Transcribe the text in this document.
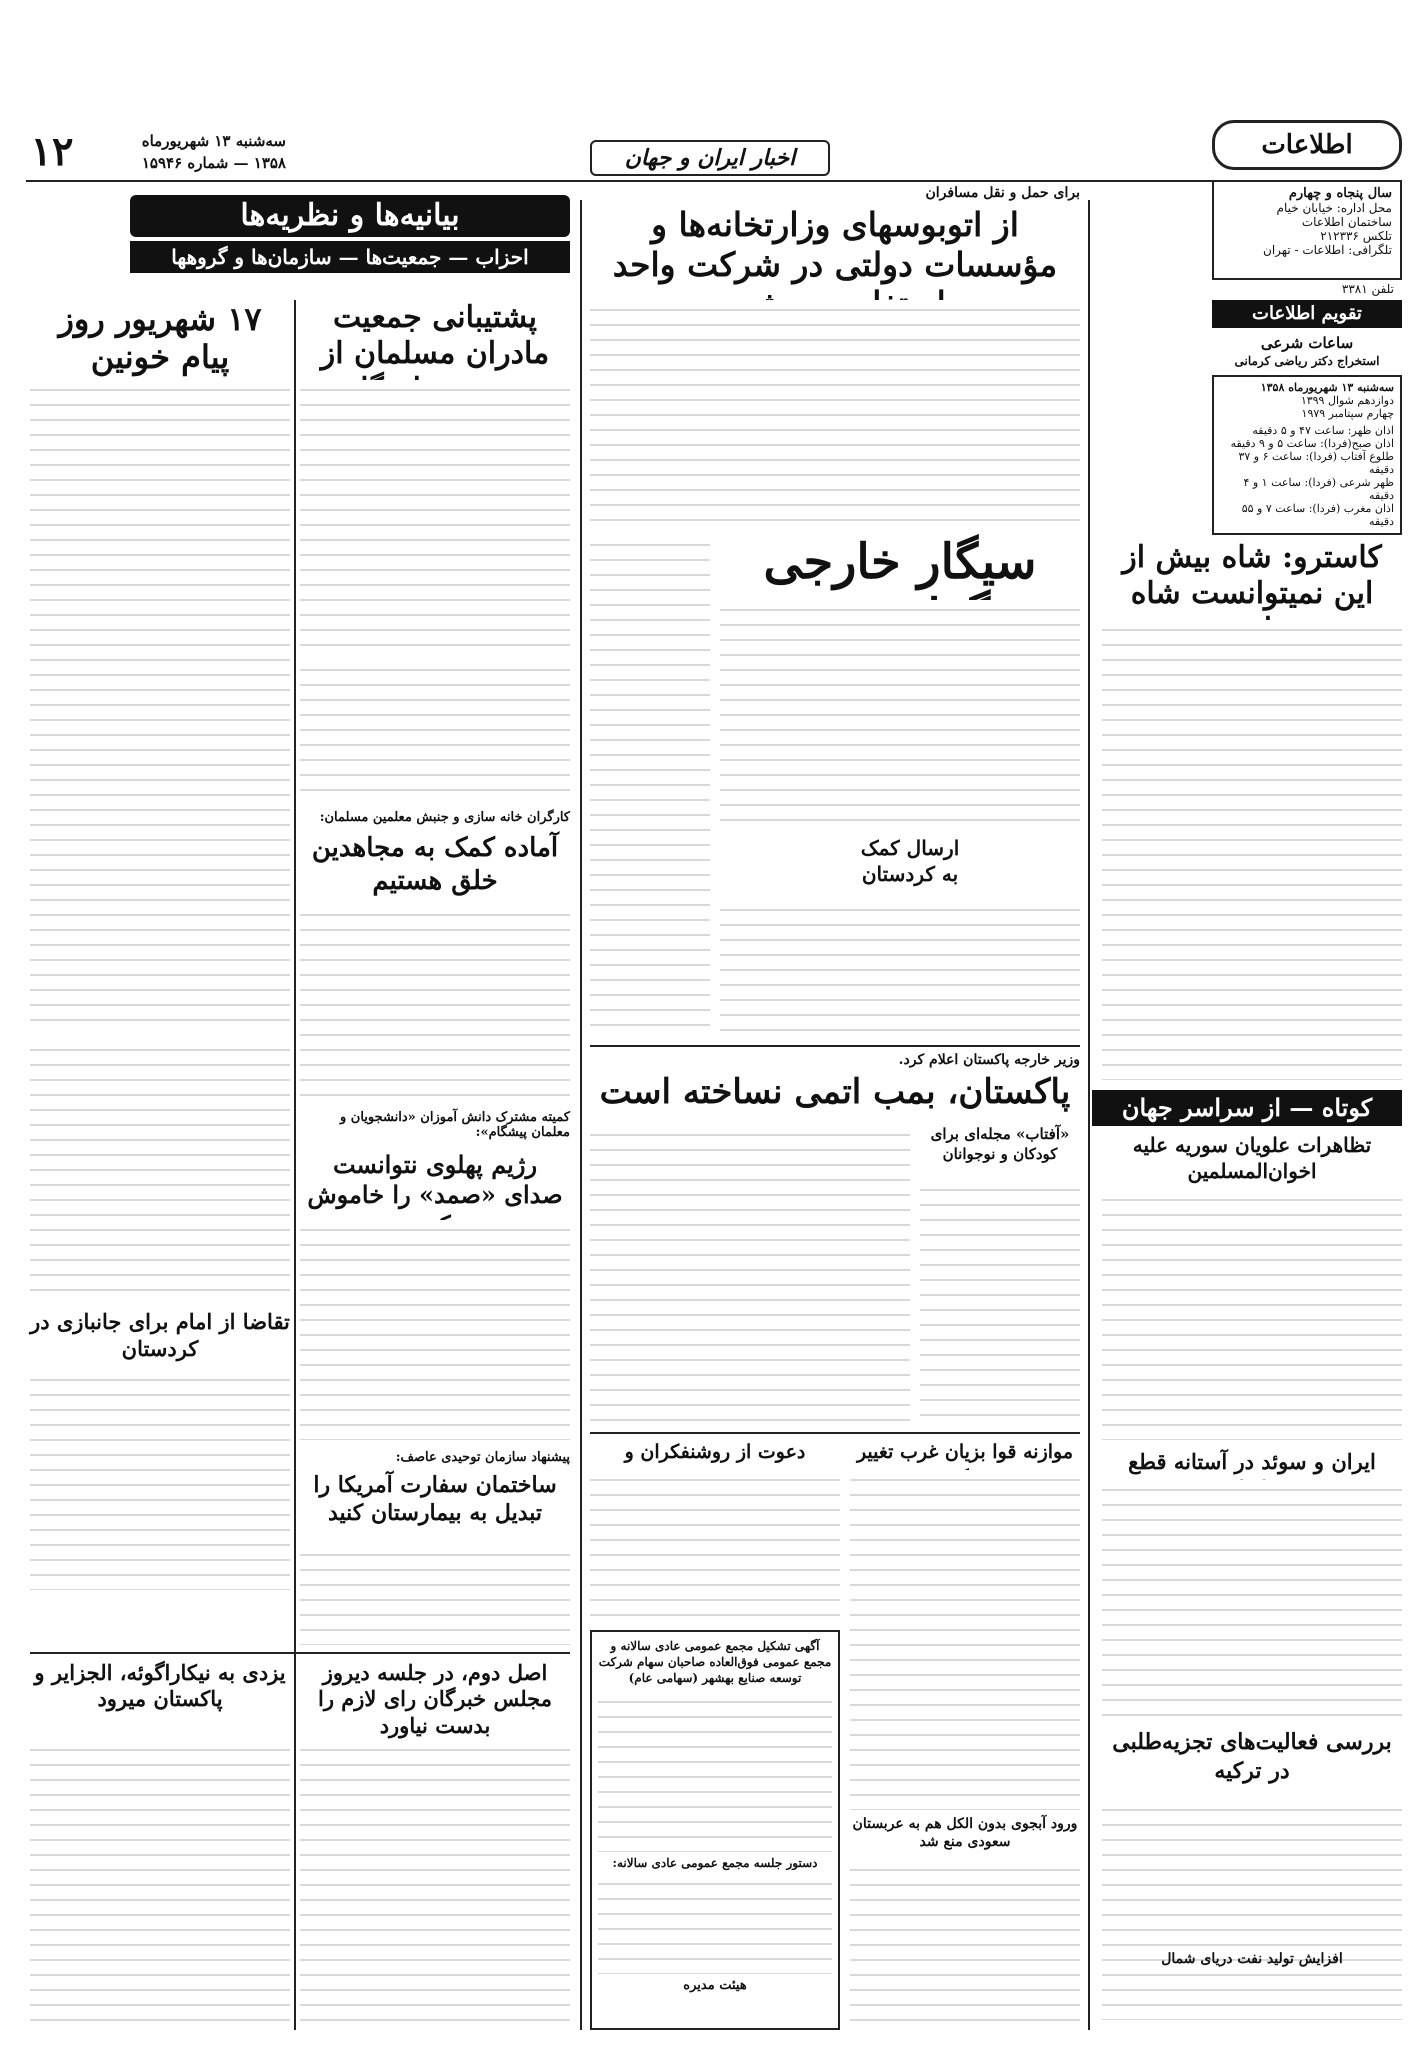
اطلاعات
اخبار ایران و جهان
۱۲	سه‌شنبه ۱۳ شهریورماه
۱۳۵۸ — شماره ۱۵۹۴۶
سال پنجاه و چهارم
محل اداره: خیابان خیام
ساختمان اطلاعات
تلکس ۲۱۲۳۳۶
تلگرافی: اطلاعات - تهران
تلفن ۳۳۸۱
تقویم اطلاعات
ساعات شرعی
استخراج دکتر ریاضی کرمانی
سه‌شنبه ۱۳ شهریورماه ۱۳۵۸
دوازدهم شوال ۱۳۹۹
چهارم سپتامبر ۱۹۷۹
اذان ظهر: ساعت ۴۷ و ۵ دقیقه
اذان صبح(فردا): ساعت ۵ و ۹ دقیقه
طلوع آفتاب (فردا): ساعت ۶ و ۳۷ دقیقه
ظهر شرعی (فردا): ساعت ۱ و ۴ دقیقه
اذان مغرب (فردا): ساعت ۷ و ۵۵ دقیقه
کاسترو: شاه بیش از این نمیتوانست شاه
کوتاه — از سراسر جهان
تظاهرات علویان سوریه علیه اخوان‌المسلمین
ایران و سوئد در آستانه قطع
بررسی فعالیت‌های تجزیه‌طلبی در ترکیه
برای حمل و نقل مسافران
از اتوبوسهای وزارتخانه‌ها و مؤسسات دولتی در شرکت واحد
سیگار خارجی
ارسال کمک به کردستان
وزیر خارجه پاکستان اعلام کرد.
پاکستان، بمب اتمی نساخته است
«آفتاب» مجله‌ای برای کودکان و نوجوانان
موازنه قوا بزیان غرب تغییر
دعوت از روشنفکران و
آگهی تشکیل مجمع عمومی عادی سالانه و مجمع عمومی فوق‌العاده صاحبان سهام شرکت توسعه صنایع بهشهر (سهامی عام)
دستور جلسه مجمع عمومی عادی سالانه:
هیئت مدیره
ورود آبجوی بدون الکل هم به عربستان سعودی منع شد
افزایش تولید نفت دریای شمال
بیانیه‌ها و نظریه‌ها
احزاب — جمعیت‌ها — سازمان‌ها و گروهها
پشتیبانی جمعیت مادران مسلمان از
۱۷ شهریور روز پیام خونین
کارگران خانه سازی و جنبش معلمین مسلمان:
آماده کمک به مجاهدین خلق هستیم
کمیته مشترک دانش آموزان «دانشجویان و معلمان پیشگام»:
رژیم پهلوی نتوانست صدای «صمد» را خاموش
تقاضا از امام برای جانبازی در کردستان
پیشنهاد سازمان توحیدی عاصف:
ساختمان سفارت آمریکا را تبدیل به بیمارستان کنید
اصل دوم، در جلسه دیروز مجلس خبرگان رای لازم را بدست نیاورد
یزدی به نیکاراگوئه، الجزایر و پاکستان میرود
